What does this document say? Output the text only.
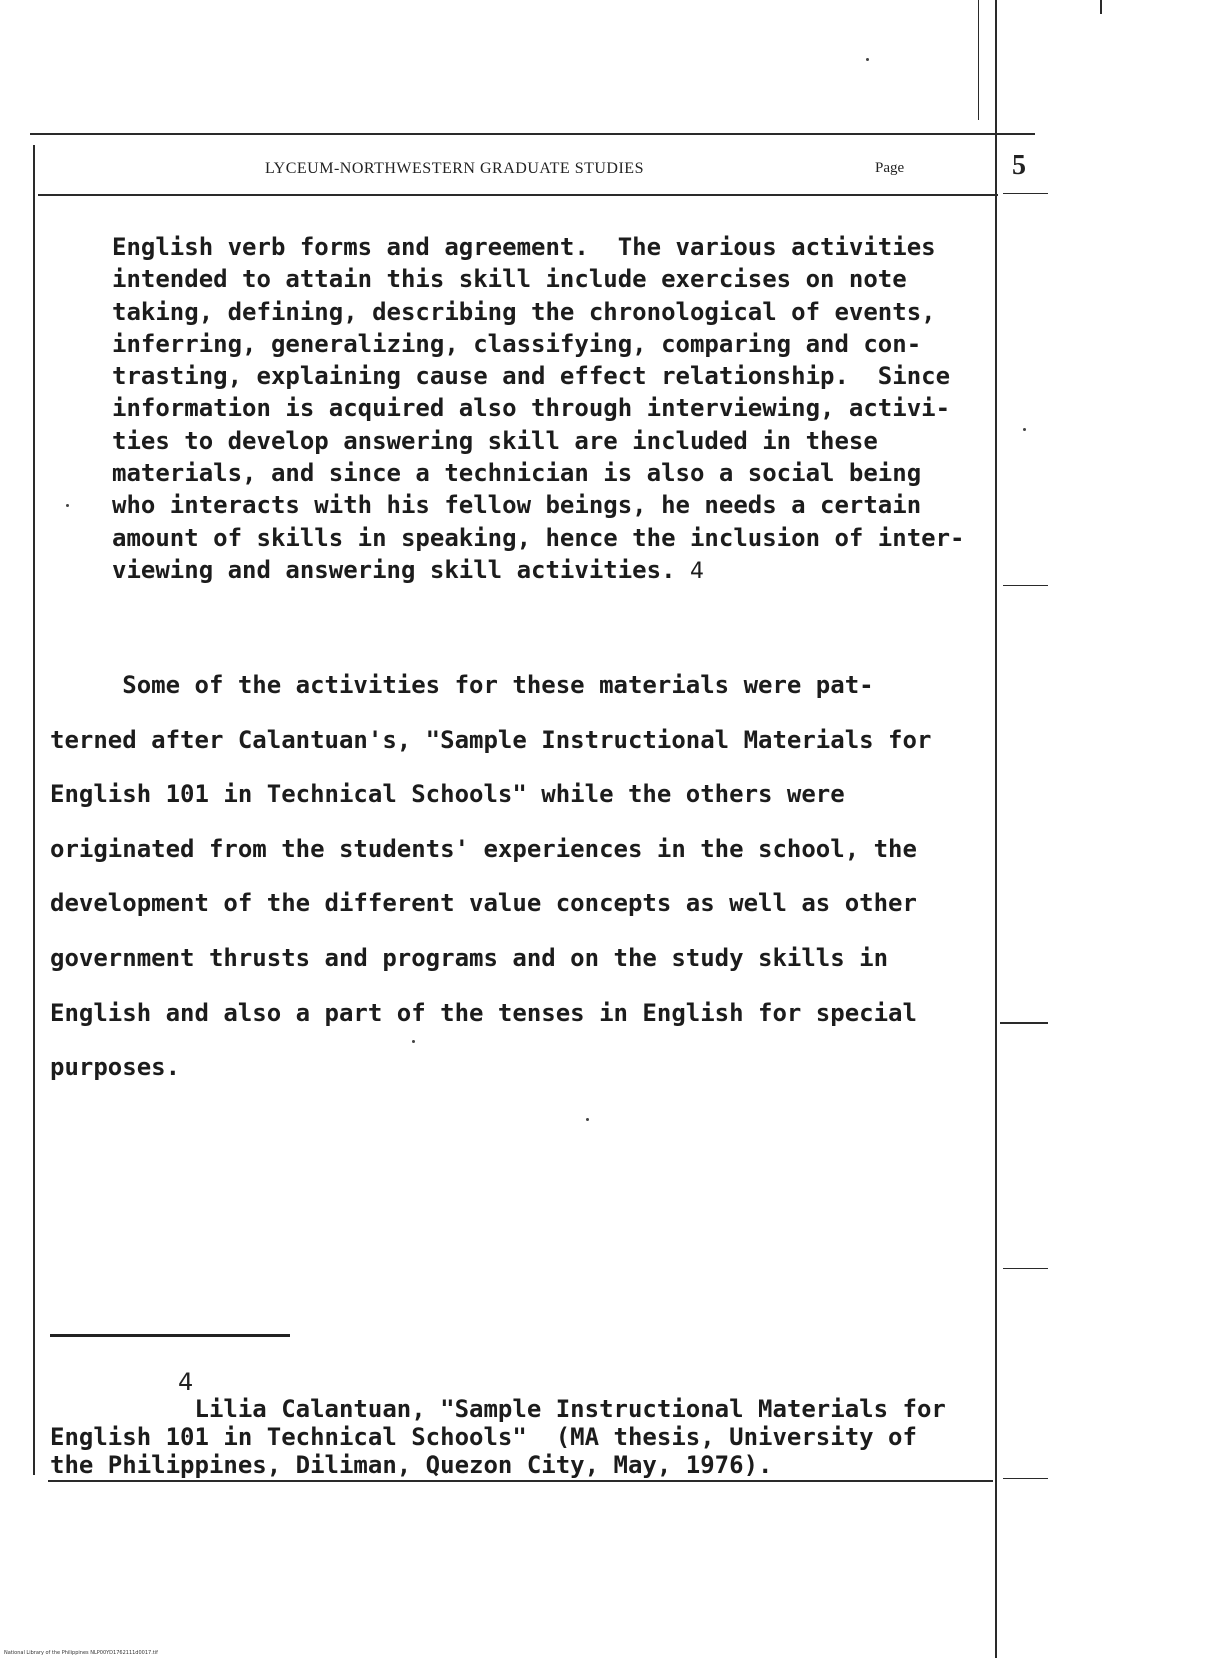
LYCEUM-NORTHWESTERN GRADUATE STUDIES	Page	5
English verb forms and agreement.  The various activities
intended to attain this skill include exercises on note
taking, defining, describing the chronological of events,
inferring, generalizing, classifying, comparing and con-
trasting, explaining cause and effect relationship.  Since
information is acquired also through interviewing, activi-
ties to develop answering skill are included in these
materials, and since a technician is also a social being
who interacts with his fellow beings, he needs a certain
amount of skills in speaking, hence the inclusion of inter-
viewing and answering skill activities. 4
Some of the activities for these materials were pat-
terned after Calantuan's, "Sample Instructional Materials for
English 101 in Technical Schools" while the others were
originated from the students' experiences in the school, the
development of the different value concepts as well as other
government thrusts and programs and on the study skills in
English and also a part of the tenses in English for special
purposes.
4
Lilia Calantuan, "Sample Instructional Materials for
English 101 in Technical Schools"  (MA thesis, University of
the Philippines, Diliman, Quezon City, May, 1976).
National Library of the Philippines NLP00YD1762111d0017.tif
